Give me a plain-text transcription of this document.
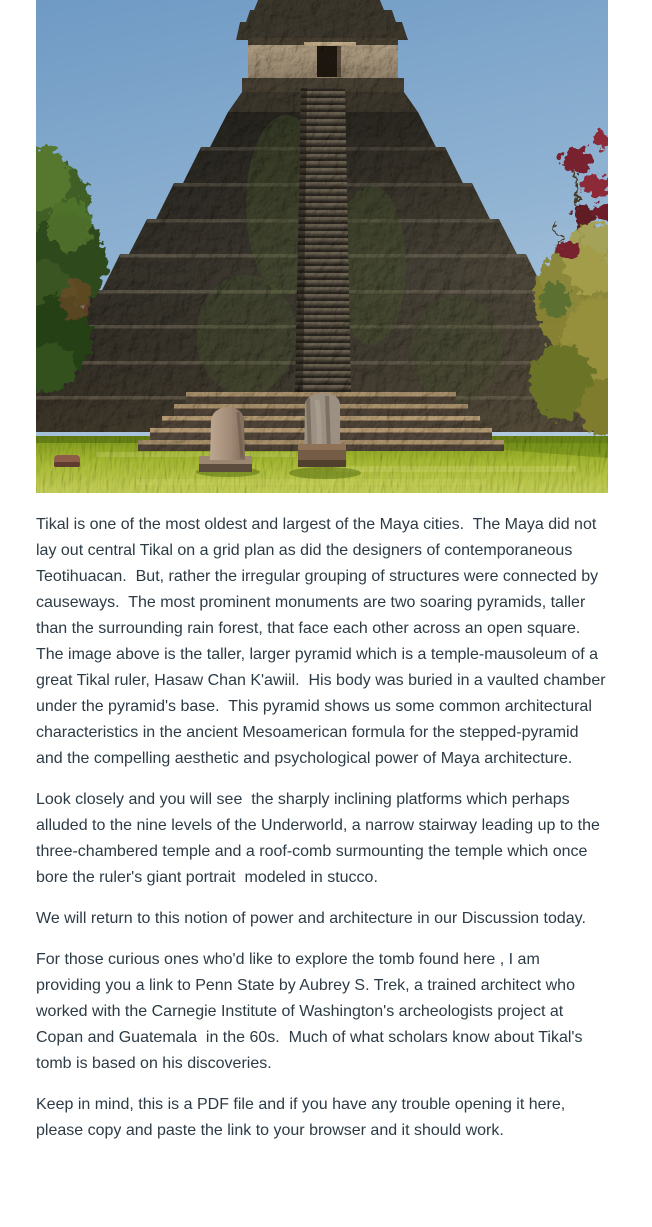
Tikal is one of the most oldest and largest of the Maya cities.  The Maya did not lay out central Tikal on a grid plan as did the designers of contemporaneous Teotihuacan.  But, rather the irregular grouping of structures were connected by causeways.  The most prominent monuments are two soaring pyramids, taller than the surrounding rain forest, that face each other across an open square.  The image above is the taller, larger pyramid which is a temple-mausoleum of a great Tikal ruler, Hasaw Chan K'awiil.  His body was buried in a vaulted chamber under the pyramid's base.  This pyramid shows us some common architectural characteristics in the ancient Mesoamerican formula for the stepped-pyramid and the compelling aesthetic and psychological power of Maya architecture.

Look closely and you will see  the sharply inclining platforms which perhaps alluded to the nine levels of the Underworld, a narrow stairway leading up to the three-chambered temple and a roof-comb surmounting the temple which once bore the ruler's giant portrait  modeled in stucco.

We will return to this notion of power and architecture in our Discussion today.

For those curious ones who'd like to explore the tomb found here , I am providing you a link to Penn State by Aubrey S. Trek, a trained architect who worked with the Carnegie Institute of Washington's archeologists project at Copan and Guatemala  in the 60s.  Much of what scholars know about Tikal's tomb is based on his discoveries.

Keep in mind, this is a PDF file and if you have any trouble opening it here, please copy and paste the link to your browser and it should work.
